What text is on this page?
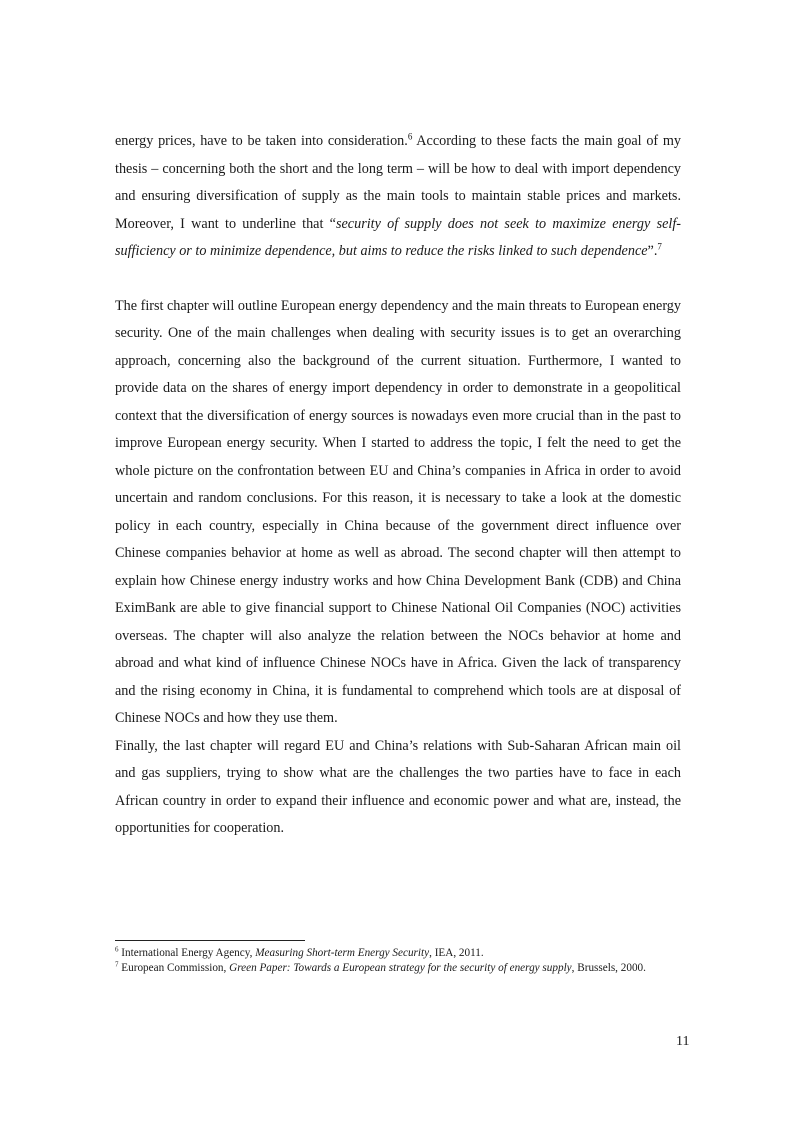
energy prices, have to be taken into consideration.$^6$ According to these facts the main goal of my thesis – concerning both the short and the long term – will be how to deal with import dependency and ensuring diversification of supply as the main tools to maintain stable prices and markets. Moreover, I want to underline that “security of supply does not seek to maximize energy self-sufficiency or to minimize dependence, but aims to reduce the risks linked to such dependence”.$^7$

The first chapter will outline European energy dependency and the main threats to European energy security. One of the main challenges when dealing with security issues is to get an overarching approach, concerning also the background of the current situation. Furthermore, I wanted to provide data on the shares of energy import dependency in order to demonstrate in a geopolitical context that the diversification of energy sources is nowadays even more crucial than in the past to improve European energy security. When I started to address the topic, I felt the need to get the whole picture on the confrontation between EU and China’s companies in Africa in order to avoid uncertain and random conclusions. For this reason, it is necessary to take a look at the domestic policy in each country, especially in China because of the government direct influence over Chinese companies behavior at home as well as abroad. The second chapter will then attempt to explain how Chinese energy industry works and how China Development Bank (CDB) and China EximBank are able to give financial support to Chinese National Oil Companies (NOC) activities overseas. The chapter will also analyze the relation between the NOCs behavior at home and abroad and what kind of influence Chinese NOCs have in Africa. Given the lack of transparency and the rising economy in China, it is fundamental to comprehend which tools are at disposal of Chinese NOCs and how they use them.

Finally, the last chapter will regard EU and China’s relations with Sub-Saharan African main oil and gas suppliers, trying to show what are the challenges the two parties have to face in each African country in order to expand their influence and economic power and what are, instead, the opportunities for cooperation.

$^6$ International Energy Agency, Measuring Short-term Energy Security, IEA, 2011.

$^7$ European Commission, Green Paper: Towards a European strategy for the security of energy supply, Brussels, 2000.

11
